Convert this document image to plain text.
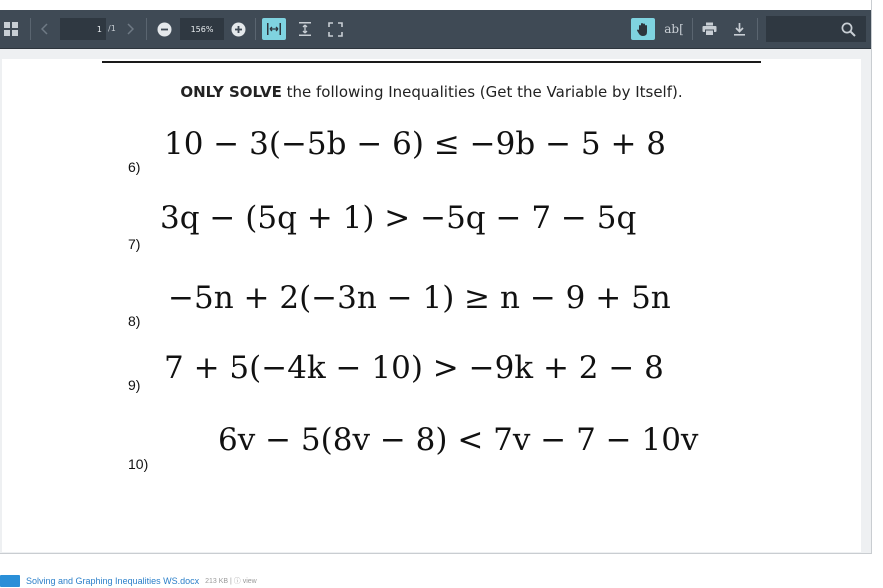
1 /1	156%	ab[
ONLY SOLVE the following Inequalities (Get the Variable by Itself).
6)
10 − 3(−5b − 6) ≤ −9b − 5 + 8
7)
3q − (5q + 1) > −5q − 7 − 5q
8)
−5n + 2(−3n − 1) ≥ n − 9 + 5n
9) 7 + 5(−4k − 10) > −9k + 2 − 8
10)
6v − 5(8v − 8) < 7v − 7 − 10v
Solving and Graphing Inequalities WS.docx 213 KB | ⓘ view
